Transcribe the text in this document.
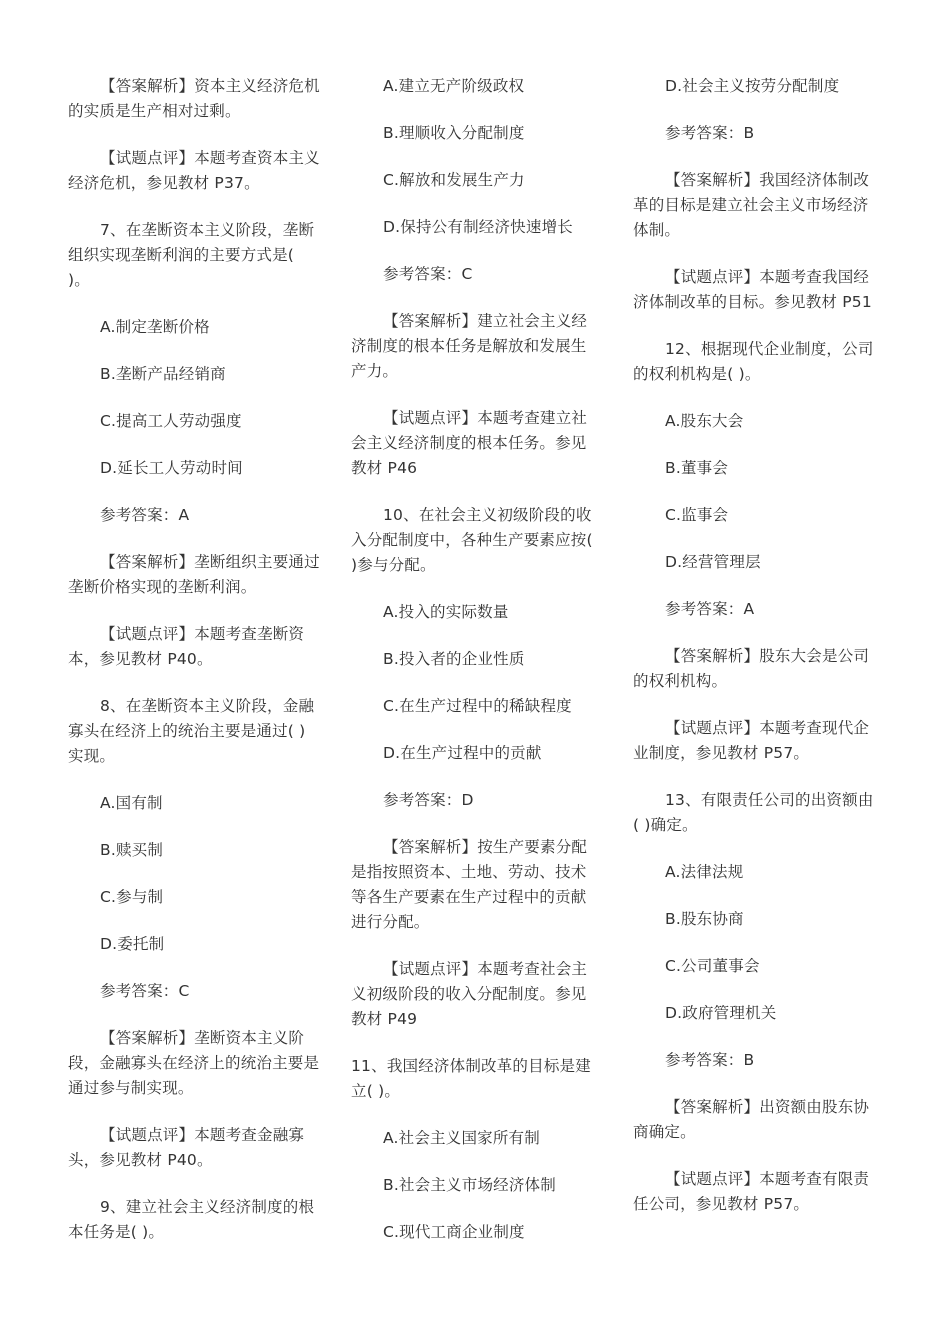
【答案解析】资本主义经济危机的实质是生产相对过剩。

【试题点评】本题考查资本主义经济危机，参见教材 P37。

7、在垄断资本主义阶段，垄断组织实现垄断利润的主要方式是( )。

A.制定垄断价格

B.垄断产品经销商

C.提高工人劳动强度

D.延长工人劳动时间

参考答案：A

【答案解析】垄断组织主要通过垄断价格实现的垄断利润。

【试题点评】本题考查垄断资本，参见教材 P40。

8、在垄断资本主义阶段，金融寡头在经济上的统治主要是通过( )实现。

A.国有制

B.赎买制

C.参与制

D.委托制

参考答案：C

【答案解析】垄断资本主义阶段，金融寡头在经济上的统治主要是通过参与制实现。

【试题点评】本题考查金融寡头，参见教材 P40。

9、建立社会主义经济制度的根本任务是( )。

A.建立无产阶级政权

B.理顺收入分配制度

C.解放和发展生产力

D.保持公有制经济快速增长

参考答案：C

【答案解析】建立社会主义经济制度的根本任务是解放和发展生产力。

【试题点评】本题考查建立社会主义经济制度的根本任务。参见教材 P46

10、在社会主义初级阶段的收入分配制度中，各种生产要素应按( )参与分配。

A.投入的实际数量

B.投入者的企业性质

C.在生产过程中的稀缺程度

D.在生产过程中的贡献

参考答案：D

【答案解析】按生产要素分配是指按照资本、土地、劳动、技术等各生产要素在生产过程中的贡献进行分配。

【试题点评】本题考查社会主义初级阶段的收入分配制度。参见教材 P49

11、我国经济体制改革的目标是建立( )。

A.社会主义国家所有制

B.社会主义市场经济体制

C.现代工商企业制度

D.社会主义按劳分配制度

参考答案：B

【答案解析】我国经济体制改革的目标是建立社会主义市场经济体制。

【试题点评】本题考查我国经济体制改革的目标。参见教材 P51

12、根据现代企业制度，公司的权利机构是( )。

A.股东大会

B.董事会

C.监事会

D.经营管理层

参考答案：A

【答案解析】股东大会是公司的权利机构。

【试题点评】本题考查现代企业制度，参见教材 P57。

13、有限责任公司的出资额由( )确定。

A.法律法规

B.股东协商

C.公司董事会

D.政府管理机关

参考答案：B

【答案解析】出资额由股东协商确定。

【试题点评】本题考查有限责任公司，参见教材 P57。
